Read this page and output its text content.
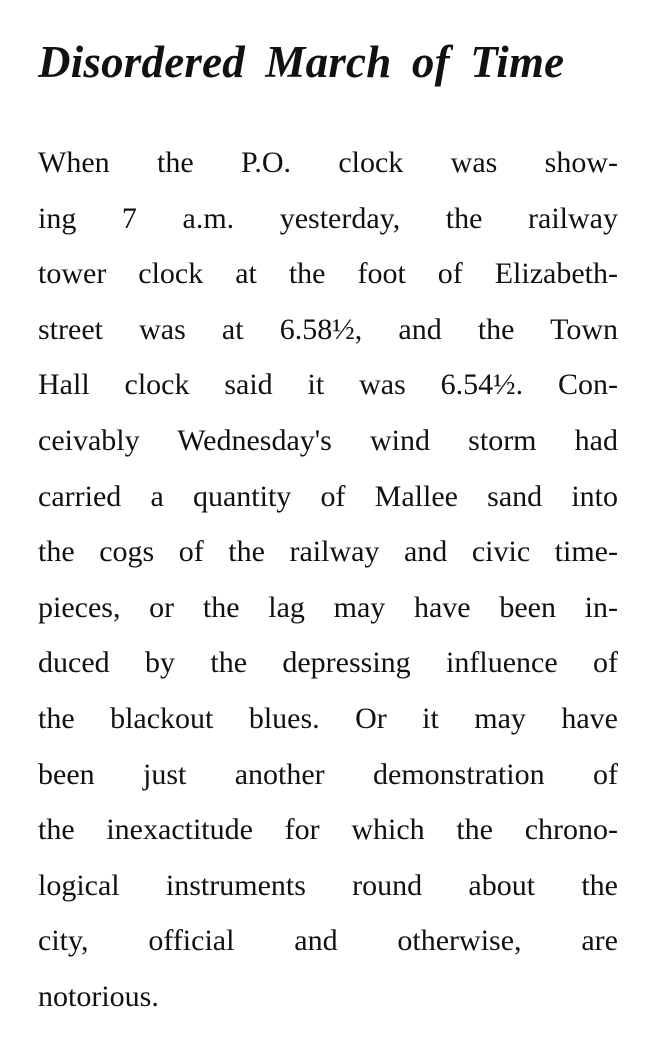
Disordered March of Time
When the P.O. clock was show-
ing 7 a.m. yesterday, the railway
tower clock at the foot of Elizabeth-
street was at 6.58½, and the Town
Hall clock said it was 6.54½. Con-
ceivably Wednesday's wind storm had
carried a quantity of Mallee sand into
the cogs of the railway and civic time-
pieces, or the lag may have been in-
duced by the depressing influence of
the blackout blues. Or it may have
been just another demonstration of
the inexactitude for which the chrono-
logical instruments round about the
city, official and otherwise, are
notorious.
